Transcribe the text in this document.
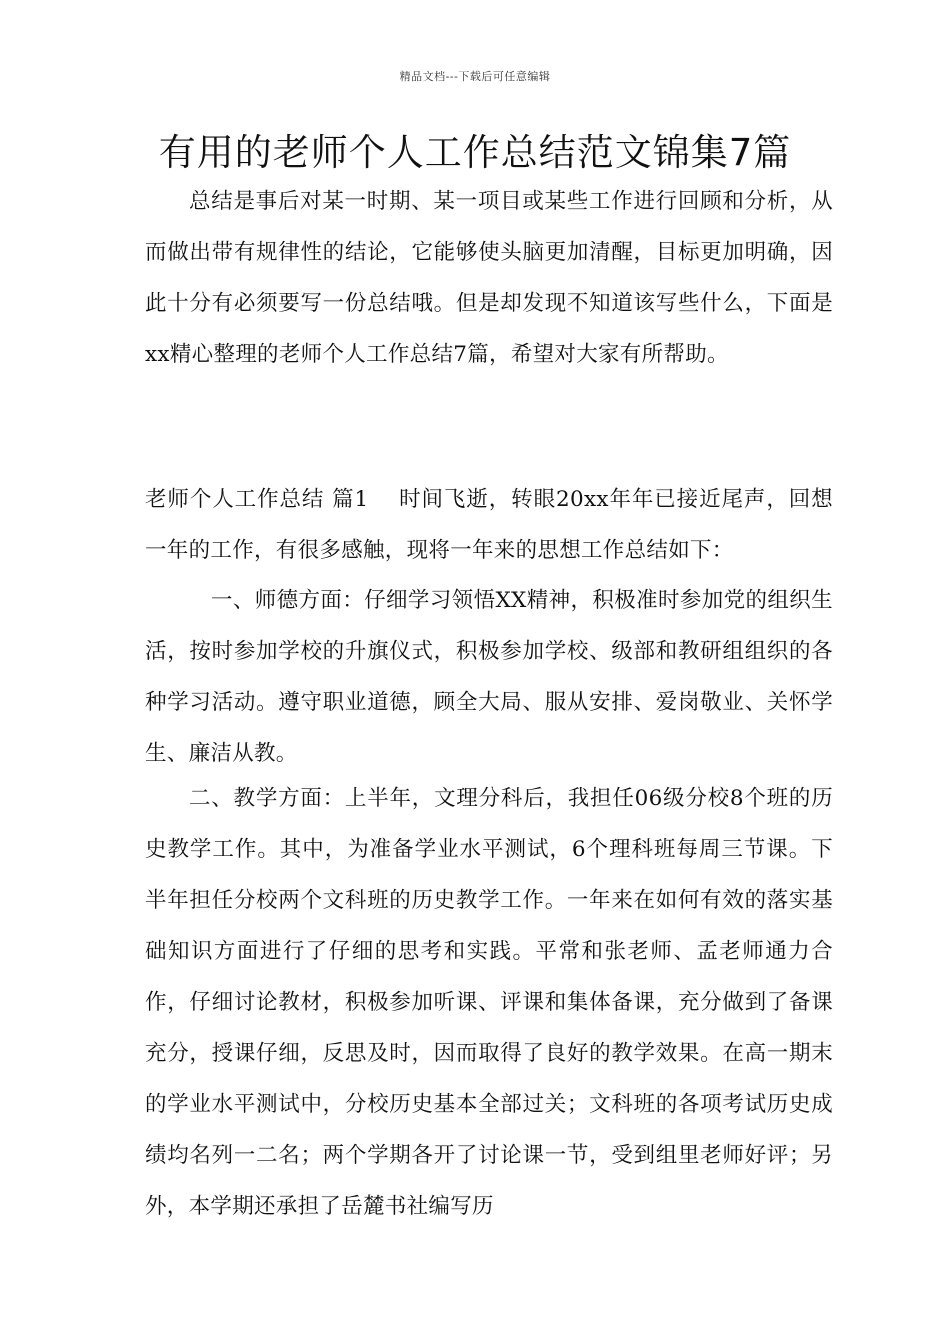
精品文档---下载后可任意编辑
有用的老师个人工作总结范文锦集7篇

总结是事后对某一时期、某一项目或某些工作进行回顾和分析，从而做出带有规律性的结论，它能够使头脑更加清醒，目标更加明确，因此十分有必须要写一份总结哦。但是却发现不知道该写些什么，下面是xx精心整理的老师个人工作总结7篇，希望对大家有所帮助。

老师个人工作总结 篇1 时间飞逝，转眼20xx年年已接近尾声，回想一年的工作，有很多感触，现将一年来的思想工作总结如下：

一、师德方面：仔细学习领悟XX精神，积极准时参加党的组织生活，按时参加学校的升旗仪式，积极参加学校、级部和教研组组织的各种学习活动。遵守职业道德，顾全大局、服从安排、爱岗敬业、关怀学生、廉洁从教。

二、教学方面：上半年，文理分科后，我担任06级分校8个班的历史教学工作。其中，为准备学业水平测试，6个理科班每周三节课。下半年担任分校两个文科班的历史教学工作。一年来在如何有效的落实基础知识方面进行了仔细的思考和实践。平常和张老师、孟老师通力合作，仔细讨论教材，积极参加听课、评课和集体备课，充分做到了备课充分，授课仔细，反思及时，因而取得了良好的教学效果。在高一期末的学业水平测试中，分校历史基本全部过关；文科班的各项考试历史成绩均名列一二名；两个学期各开了讨论课一节，受到组里老师好评；另外，本学期还承担了岳麓书社编写历
